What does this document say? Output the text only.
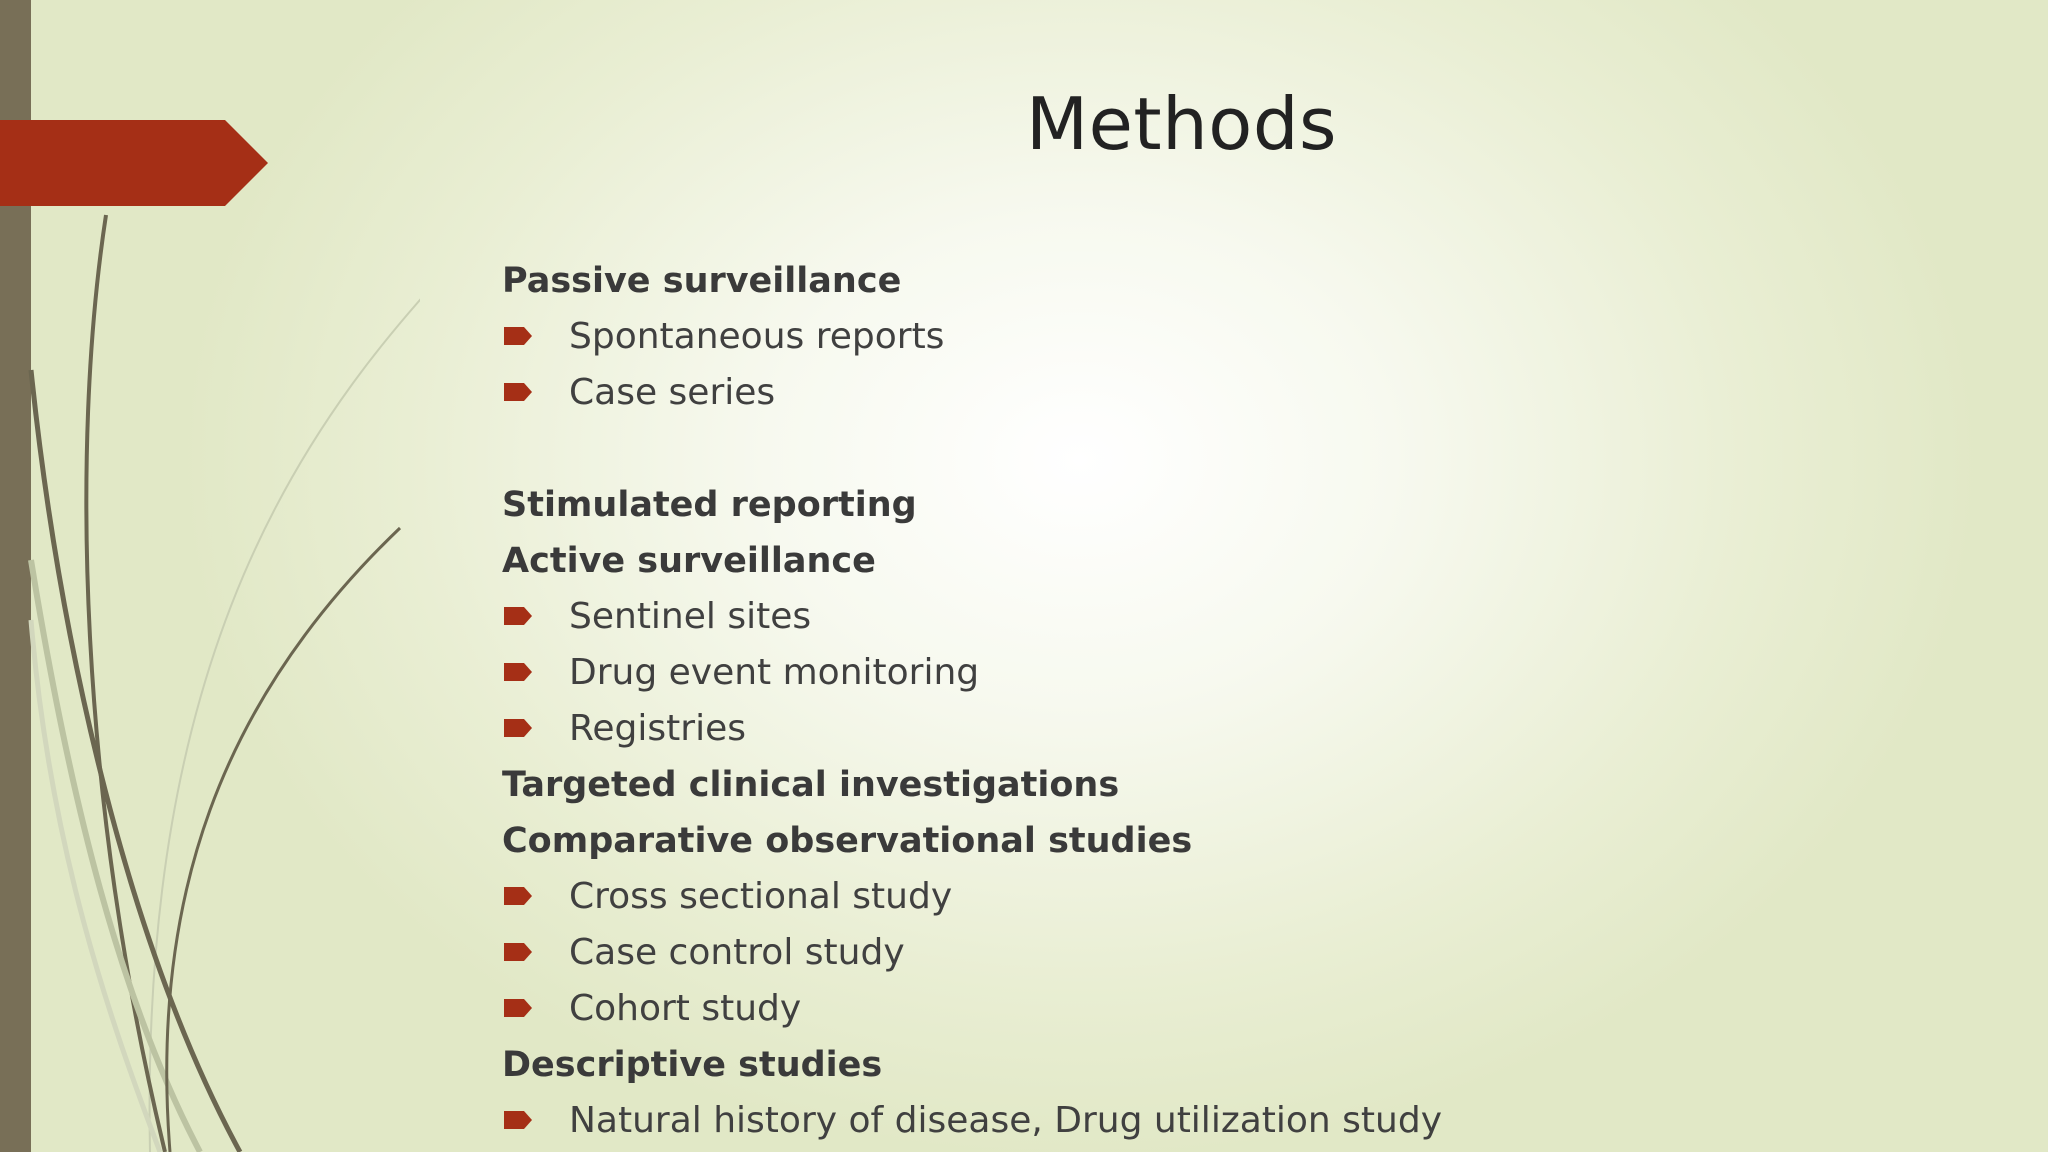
Methods
Passive surveillance
Spontaneous reports
Case series
Stimulated reporting
Active surveillance
Sentinel sites
Drug event monitoring
Registries
Targeted clinical investigations
Comparative observational studies
Cross sectional study
Case control study
Cohort study
Descriptive studies
Natural history of disease, Drug utilization study
